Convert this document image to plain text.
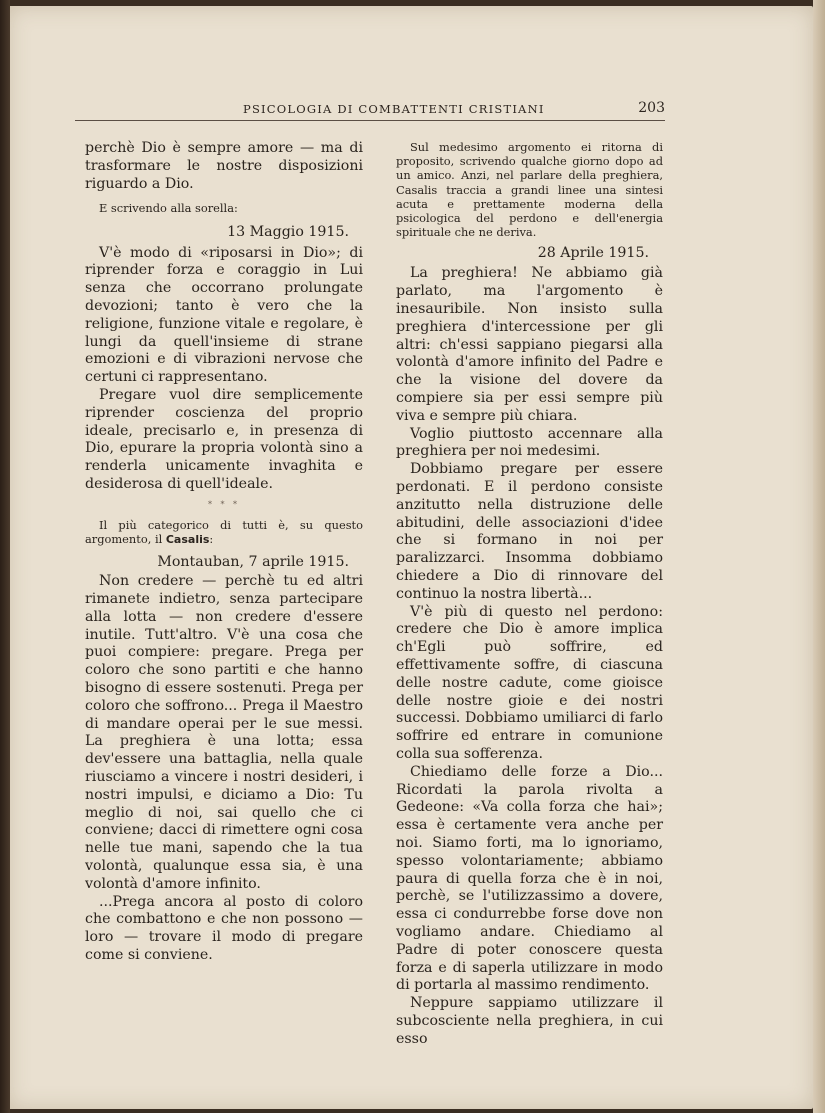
PSICOLOGIA DI COMBATTENTI CRISTIANI	203

perchè Dio è sempre amore — ma di trasformare le nostre disposizioni riguardo a Dio.

E scrivendo alla sorella:

13 Maggio 1915.

V'è modo di «riposarsi in Dio»; di riprender forza e coraggio in Lui senza che occorrano prolungate devozioni; tanto è vero che la religione, funzione vitale e regolare, è lungi da quell'insieme di strane emozioni e di vibrazioni nervose che certuni ci rappresentano.

Pregare vuol dire semplicemente riprender coscienza del proprio ideale, precisarlo e, in presenza di Dio, epurare la propria volontà sino a renderla unicamente invaghita e desiderosa di quell'ideale.

* * *

Il più categorico di tutti è, su questo argomento, il Casalis:

Montauban, 7 aprile 1915.

Non credere — perchè tu ed altri rimanete indietro, senza partecipare alla lotta — non credere d'essere inutile. Tutt'altro. V'è una cosa che puoi compiere: pregare. Prega per coloro che sono partiti e che hanno bisogno di essere sostenuti. Prega per coloro che soffrono... Prega il Maestro di mandare operai per le sue messi. La preghiera è una lotta; essa dev'essere una battaglia, nella quale riusciamo a vincere i nostri desideri, i nostri impulsi, e diciamo a Dio: Tu meglio di noi, sai quello che ci conviene; dacci di rimettere ogni cosa nelle tue mani, sapendo che la tua volontà, qualunque essa sia, è una volontà d'amore infinito.

...Prega ancora al posto di coloro che combattono e che non possono — loro — trovare il modo di pregare come si conviene.

Sul medesimo argomento ei ritorna di proposito, scrivendo qualche giorno dopo ad un amico. Anzi, nel parlare della preghiera, Casalis traccia a grandi linee una sintesi acuta e prettamente moderna della psicologica del perdono e dell'energia spirituale che ne deriva.

28 Aprile 1915.

La preghiera! Ne abbiamo già parlato, ma l'argomento è inesauribile. Non insisto sulla preghiera d'intercessione per gli altri: ch'essi sappiano piegarsi alla volontà d'amore infinito del Padre e che la visione del dovere da compiere sia per essi sempre più viva e sempre più chiara.

Voglio piuttosto accennare alla preghiera per noi medesimi.

Dobbiamo pregare per essere perdonati. E il perdono consiste anzitutto nella distruzione delle abitudini, delle associazioni d'idee che si formano in noi per paralizzarci. Insomma dobbiamo chiedere a Dio di rinnovare del continuo la nostra libertà...

V'è più di questo nel perdono: credere che Dio è amore implica ch'Egli può soffrire, ed effettivamente soffre, di ciascuna delle nostre cadute, come gioisce delle nostre gioie e dei nostri successi. Dobbiamo umiliarci di farlo soffrire ed entrare in comunione colla sua sofferenza.

Chiediamo delle forze a Dio... Ricordati la parola rivolta a Gedeone: «Va colla forza che hai»; essa è certamente vera anche per noi. Siamo forti, ma lo ignoriamo, spesso volontariamente; abbiamo paura di quella forza che è in noi, perchè, se l'utilizzassimo a dovere, essa ci condurrebbe forse dove non vogliamo andare. Chiediamo al Padre di poter conoscere questa forza e di saperla utilizzare in modo di portarla al massimo rendimento.

Neppure sappiamo utilizzare il subcosciente nella preghiera, in cui esso
